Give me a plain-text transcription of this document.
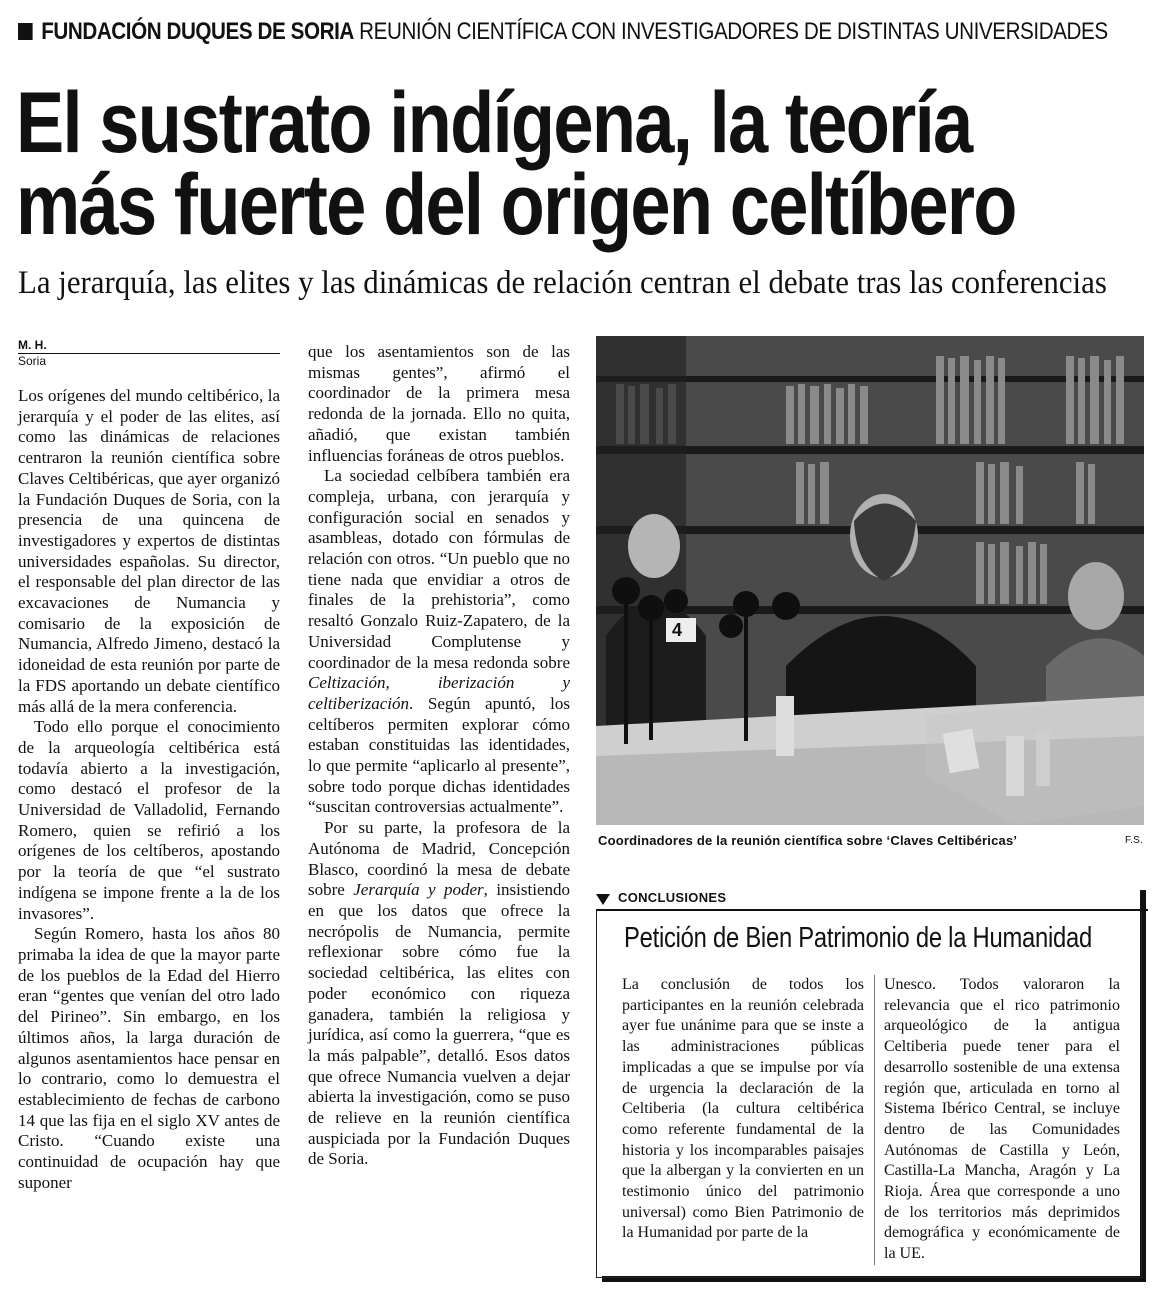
FUNDACIÓN DUQUES DE SORIA REUNIÓN CIENTÍFICA CON INVESTIGADORES DE DISTINTAS UNIVERSIDADES
El sustrato indígena, la teoría
más fuerte del origen celtíbero
La jerarquía, las elites y las dinámicas de relación centran el debate tras las conferencias
M. H.
Soria

Los orígenes del mundo celtibérico, la jerarquía y el poder de las elites, así como las dinámicas de relaciones centraron la reunión científica sobre Claves Celtibéricas, que ayer organizó la Fundación Duques de Soria, con la presencia de una quincena de investigadores y expertos de distintas universidades españolas. Su director, el responsable del plan director de las excavaciones de Numancia y comisario de la exposición de Numancia, Alfredo Jimeno, destacó la idoneidad de esta reunión por parte de la FDS aportando un debate científico más allá de la mera conferencia.

Todo ello porque el conocimiento de la arqueología celtibérica está todavía abierto a la investigación, como destacó el profesor de la Universidad de Valladolid, Fernando Romero, quien se refirió a los orígenes de los celtíberos, apostando por la teoría de que “el sustrato indígena se impone frente a la de los invasores”.

Según Romero, hasta los años 80 primaba la idea de que la mayor parte de los pueblos de la Edad del Hierro eran “gentes que venían del otro lado del Pirineo”. Sin embargo, en los últimos años, la larga duración de algunos asentamientos hace pensar en lo contrario, como lo demuestra el establecimiento de fechas de carbono 14 que las fija en el siglo XV antes de Cristo. “Cuando existe una continuidad de ocupación hay que suponer

que los asentamientos son de las mismas gentes”, afirmó el coordinador de la primera mesa redonda de la jornada. Ello no quita, añadió, que existan también influencias foráneas de otros pueblos.

La sociedad celbíbera también era compleja, urbana, con jerarquía y configuración social en senados y asambleas, dotado con fórmulas de relación con otros. “Un pueblo que no tiene nada que envidiar a otros de finales de la prehistoria”, como resaltó Gonzalo Ruiz-Zapatero, de la Universidad Complutense y coordinador de la mesa redonda sobre Celtización, iberización y celtiberización. Según apuntó, los celtíberos permiten explorar cómo estaban constituidas las identidades, lo que permite “aplicarlo al presente”, sobre todo porque dichas identidades “suscitan controversias actualmente”.

Por su parte, la profesora de la Autónoma de Madrid, Concepción Blasco, coordinó la mesa de debate sobre Jerarquía y poder, insistiendo en que los datos que ofrece la necrópolis de Numancia, permite reflexionar sobre cómo fue la sociedad celtibérica, las elites con poder económico con riqueza ganadera, también la religiosa y jurídica, así como la guerrera, “que es la más palpable”, detalló. Esos datos que ofrece Numancia vuelven a dejar abierta la investigación, como se puso de relieve en la reunión científica auspiciada por la Fundación Duques de Soria.

4
Coordinadores de la reunión científica sobre ‘Claves Celtibéricas’	F.S.
CONCLUSIONES
Petición de Bien Patrimonio de la Humanidad

La conclusión de todos los participantes en la reunión celebrada ayer fue unánime para que se inste a las administraciones públicas implicadas a que se impulse por vía de urgencia la declaración de la Celtiberia (la cultura celtibérica como referente fundamental de la historia y los incomparables paisajes que la albergan y la convierten en un testimonio único del patrimonio universal) como Bien Patrimonio de la Humanidad por parte de la

Unesco. Todos valoraron la relevancia que el rico patrimonio arqueológico de la antigua Celtiberia puede tener para el desarrollo sostenible de una extensa región que, articulada en torno al Sistema Ibérico Central, se incluye dentro de las Comunidades Autónomas de Castilla y León, Castilla-La Mancha, Aragón y La Rioja. Área que corresponde a uno de los territorios más deprimidos demográfica y económicamente de la UE.
